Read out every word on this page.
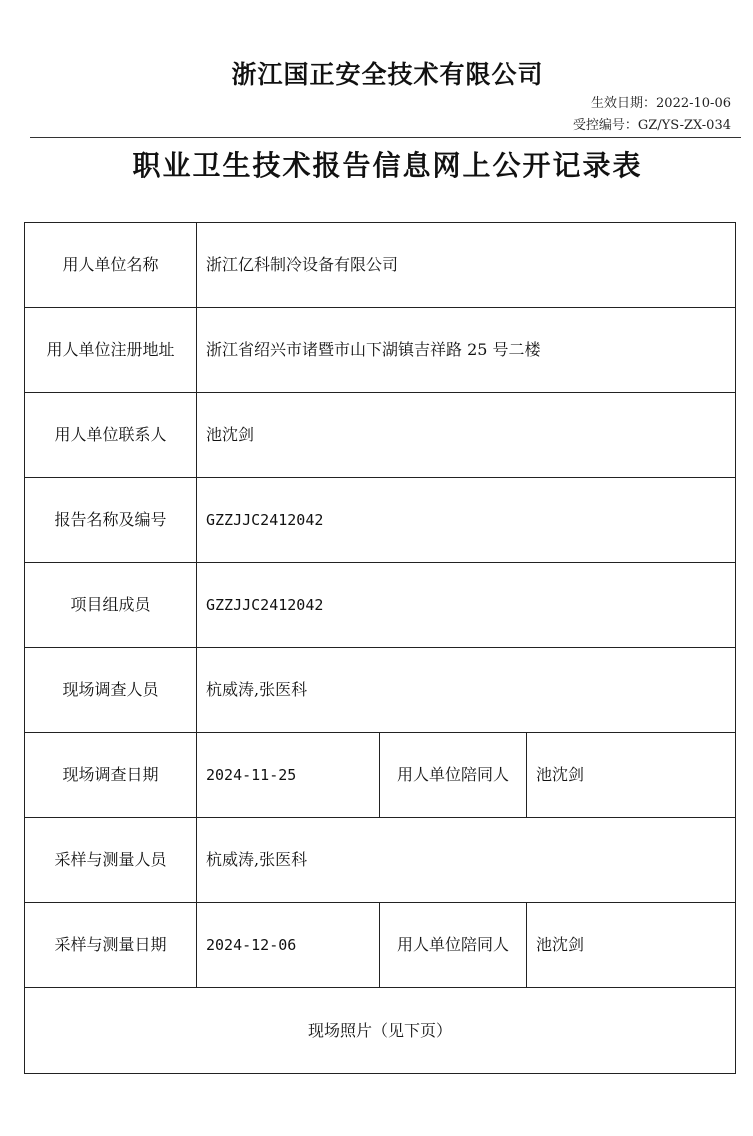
浙江国正安全技术有限公司
生效日期：2022-10-06
受控编号：GZ/YS-ZX-034
职业卫生技术报告信息网上公开记录表
用人单位名称	浙江亿科制冷设备有限公司		
用人单位注册地址	浙江省绍兴市诸暨市山下湖镇吉祥路 25 号二楼		
用人单位联系人	池沈剑		
报告名称及编号	GZZJJC2412042		
项目组成员	GZZJJC2412042		
现场调查人员	杭威涛,张医科		
现场调查日期	2024-11-25	用人单位陪同人	池沈剑
采样与测量人员	杭威涛,张医科		
采样与测量日期	2024-12-06	用人单位陪同人	池沈剑
现场照片（见下页）			
